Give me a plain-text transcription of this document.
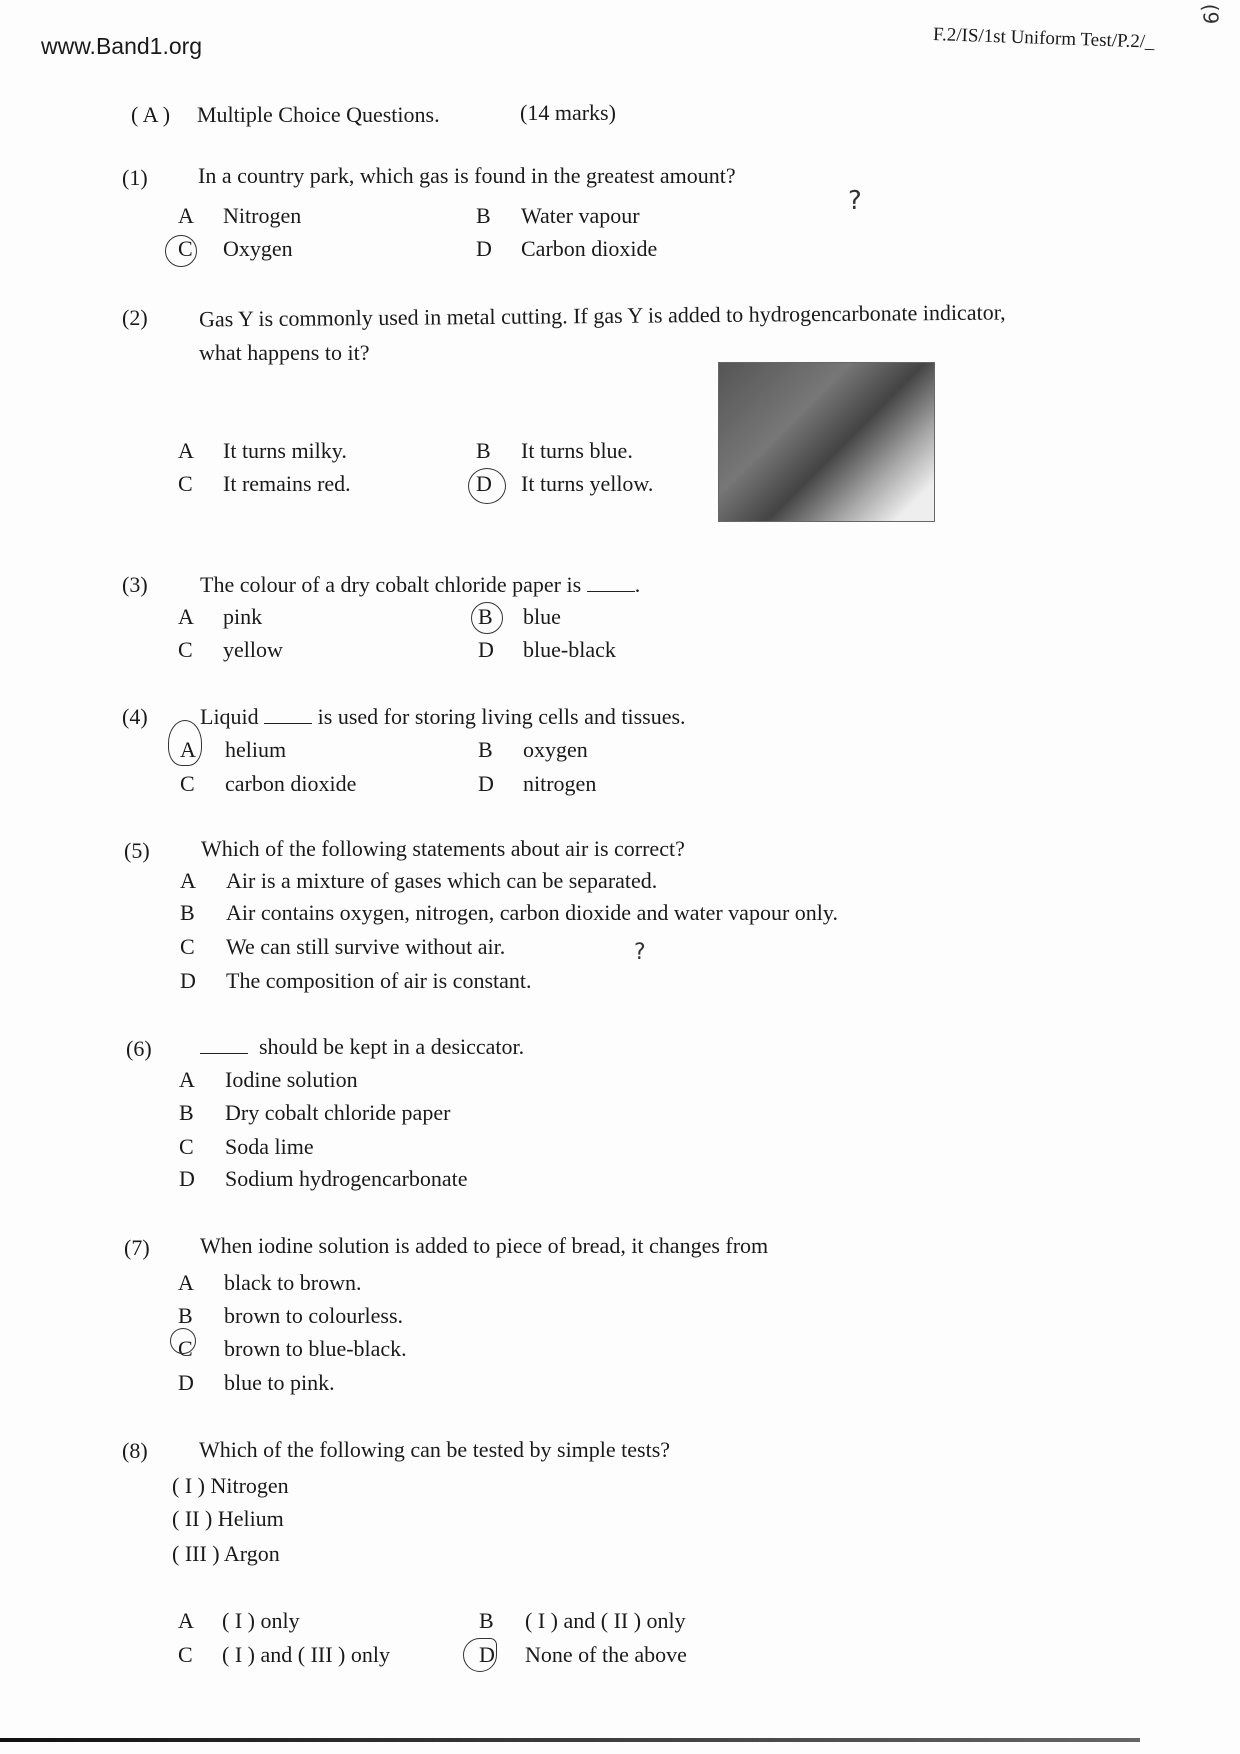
www.Band1.org	F.2/IS/1st Uniform Test/P.2/_
(9
( A ) Multiple Choice Questions.	(14 marks)
(1) In a country park, which gas is found in the greatest amount?
A Nitrogen	B Water vapour
C Oxygen	D Carbon dioxide
?
(2) Gas Y is commonly used in metal cutting. If gas Y is added to hydrogencarbonate indicator,
what happens to it?
A It turns milky.	B It turns blue.
C It remains red.	D It turns yellow.
(3) The colour of a dry cobalt chloride paper is .
A pink	B blue
C yellow	D blue-black
(4) Liquid	is used for storing living cells and tissues.
A helium	B oxygen
C carbon dioxide	D nitrogen
(5) Which of the following statements about air is correct?
A Air is a mixture of gases which can be separated.
B Air contains oxygen, nitrogen, carbon dioxide and water vapour only.
C We can still survive without air.
D The composition of air is constant.
?
(6)	should be kept in a desiccator.
A Iodine solution
B Dry cobalt chloride paper
C Soda lime
D Sodium hydrogencarbonate
(7) When iodine solution is added to piece of bread, it changes from
A black to brown.
B brown to colourless.
C brown to blue-black.
D blue to pink.
(8) Which of the following can be tested by simple tests?
( I ) Nitrogen
( II ) Helium
( III ) Argon
A ( I ) only	B ( I ) and ( II ) only
C ( I ) and ( III ) only	D None of the above
